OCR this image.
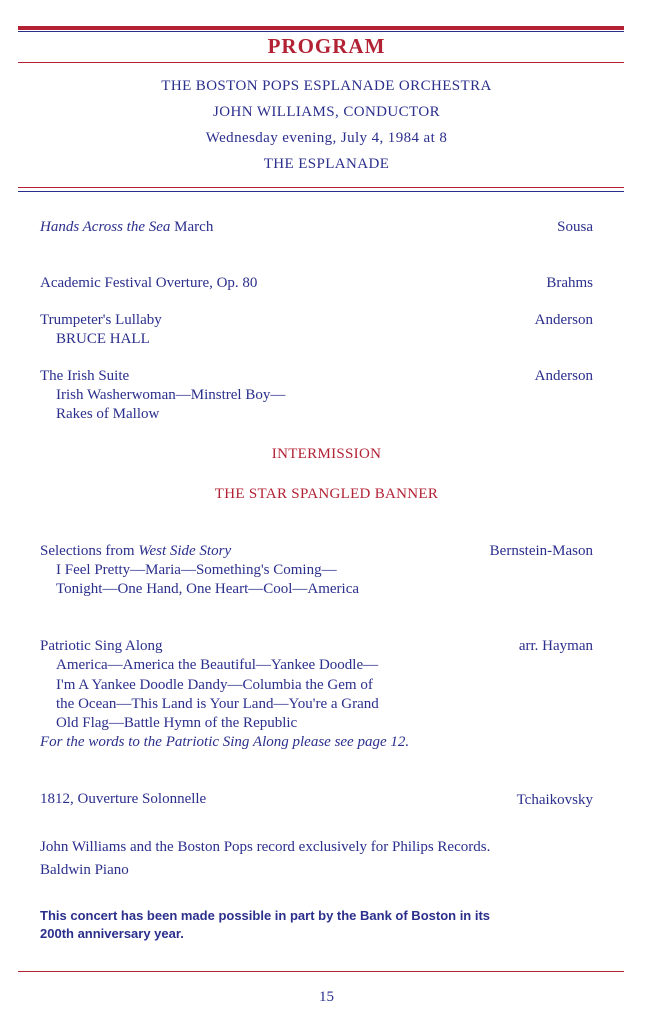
PROGRAM
THE BOSTON POPS ESPLANADE ORCHESTRA
JOHN WILLIAMS, CONDUCTOR
Wednesday evening, July 4, 1984 at 8
THE ESPLANADE
Hands Across the Sea March	Sousa
Academic Festival Overture, Op. 80	Brahms
Trumpeter's Lullaby	Anderson
BRUCE HALL
The Irish Suite	Anderson
Irish Washerwoman—Minstrel Boy—
Rakes of Mallow
INTERMISSION
THE STAR SPANGLED BANNER
Selections from West Side Story	Bernstein-Mason
I Feel Pretty—Maria—Something's Coming—
Tonight—One Hand, One Heart—Cool—America
Patriotic Sing Along	arr. Hayman
America—America the Beautiful—Yankee Doodle—
I'm A Yankee Doodle Dandy—Columbia the Gem of
the Ocean—This Land is Your Land—You're a Grand
Old Flag—Battle Hymn of the Republic
For the words to the Patriotic Sing Along please see page 12.
1812, Ouverture Solonnelle	Tchaikovsky
John Williams and the Boston Pops record exclusively for Philips Records.
Baldwin Piano
This concert has been made possible in part by the Bank of Boston in its
200th anniversary year.
15
